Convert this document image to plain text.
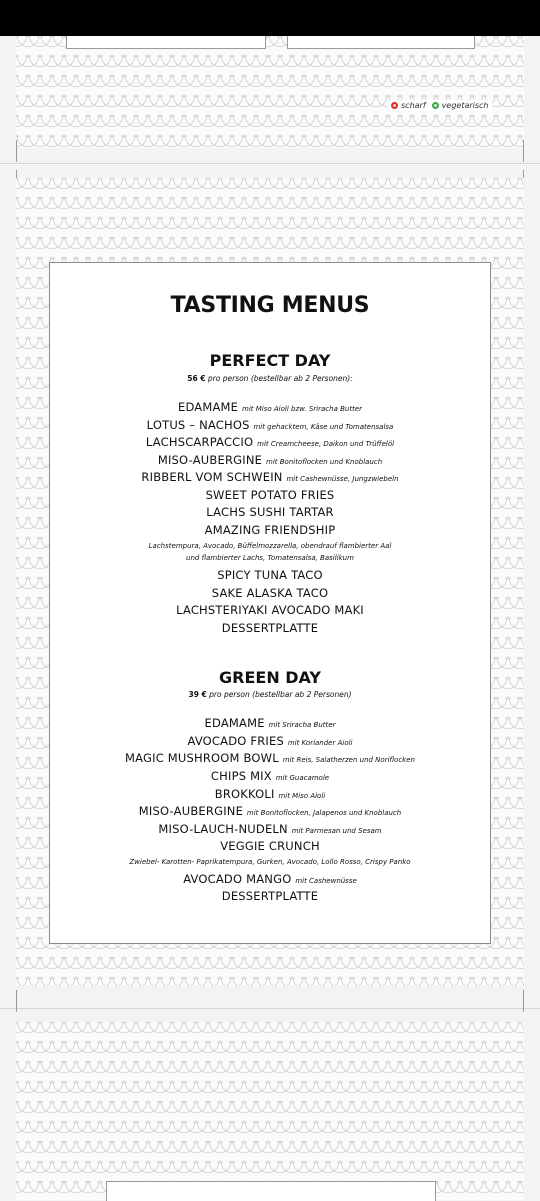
scharf vegetarisch
TASTING MENUS
PERFECT DAY
56 € pro person (bestellbar ab 2 Personen):
EDAMAME mit Miso Aioli bzw. Sriracha Butter
LOTUS – NACHOS mit gehacktem, Käse und Tomatensalsa
LACHSCARPACCIO mit Creamcheese, Daikon und Trüffelöl
MISO-AUBERGINE mit Bonitoflocken und Knoblauch
RIBBERL VOM SCHWEIN mit Cashewnüsse, Jungzwiebeln
SWEET POTATO FRIES
LACHS SUSHI TARTAR
AMAZING FRIENDSHIP
Lachstempura, Avocado, Büffelmozzarella, obendrauf flambierter Aal
und flambierter Lachs, Tomatensalsa, Basilikum
SPICY TUNA TACO
SAKE ALASKA TACO
LACHSTERIYAKI AVOCADO MAKI
DESSERTPLATTE
GREEN DAY
39 € pro person (bestellbar ab 2 Personen)
EDAMAME mit Sriracha Butter
AVOCADO FRIES mit Koriander Aioli
MAGIC MUSHROOM BOWL mit Reis, Salatherzen und Noriflocken
CHIPS MIX mit Guacamole
BROKKOLI mit Miso Aioli
MISO-AUBERGINE mit Bonitoflocken, Jalapenos und Knoblauch
MISO-LAUCH-NUDELN mit Parmesan und Sesam
VEGGIE CRUNCH
Zwiebel- Karotten- Paprikatempura, Gurken, Avocado, Lollo Rosso, Crispy Panko
AVOCADO MANGO mit Cashewnüsse
DESSERTPLATTE
